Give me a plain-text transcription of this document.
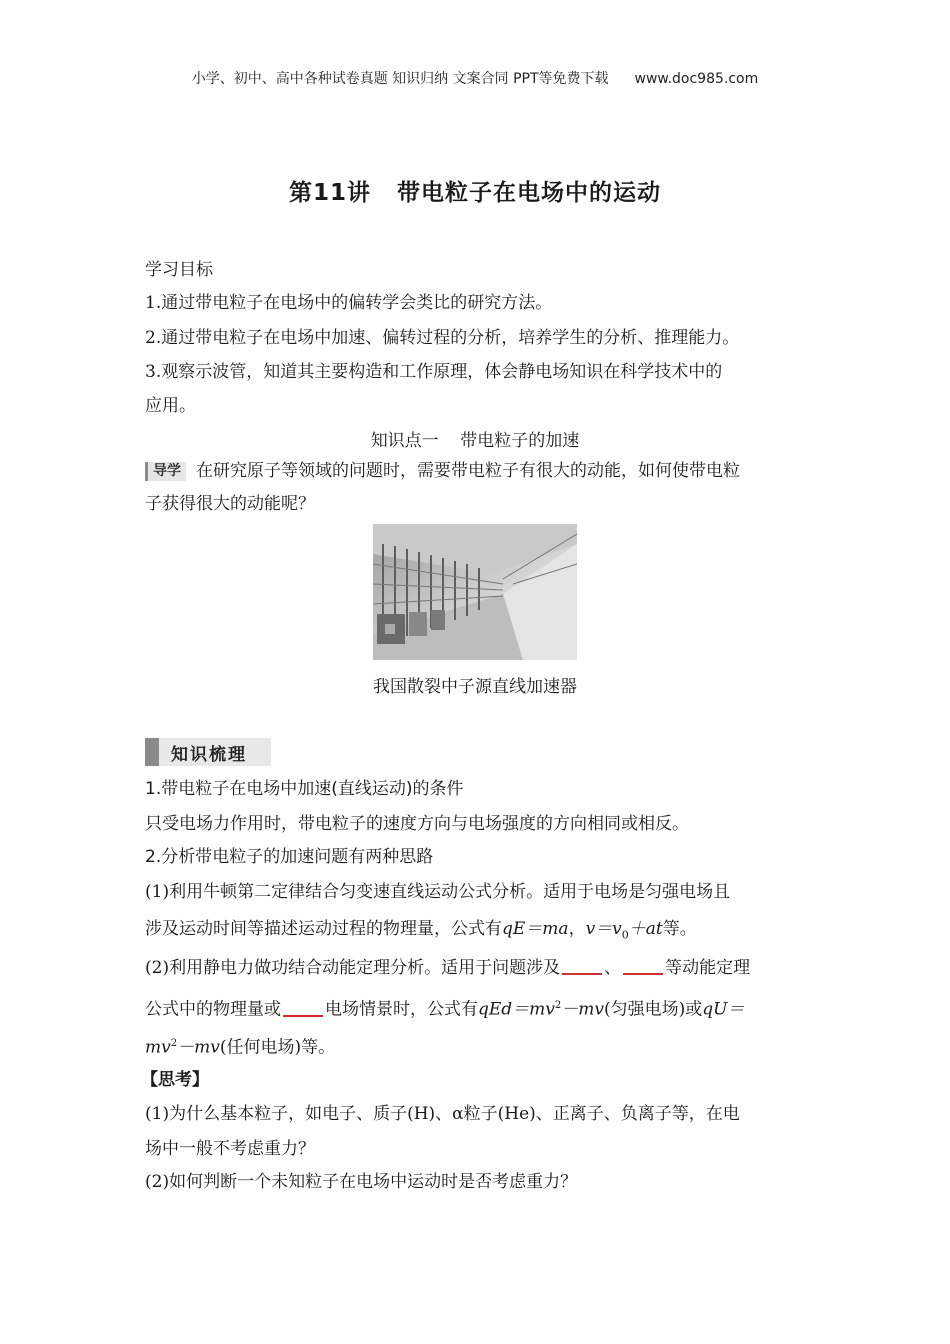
小学、初中、高中各种试卷真题 知识归纳 文案合同 PPT等免费下载 www.doc985.com
第11讲 带电粒子在电场中的运动
学习目标
1.通过带电粒子在电场中的偏转学会类比的研究方法。
2.通过带电粒子在电场中加速、偏转过程的分析，培养学生的分析、推理能力。
3.观察示波管，知道其主要构造和工作原理，体会静电场知识在科学技术中的
应用。
知识点一    带电粒子的加速
导学 在研究原子等领域的问题时，需要带电粒子有很大的动能，如何使带电粒
子获得很大的动能呢？
我国散裂中子源直线加速器
知识梳理
1.带电粒子在电场中加速(直线运动)的条件
只受电场力作用时，带电粒子的速度方向与电场强度的方向相同或相反。
2.分析带电粒子的加速问题有两种思路
(1)利用牛顿第二定律结合匀变速直线运动公式分析。适用于电场是匀强电场且
涉及运动时间等描述运动过程的物理量，公式有qE＝ma，$v=v_0+at$等。
(2)利用静电力做功结合动能定理分析。适用于问题涉及	、	等动能定理
公式中的物理量或	电场情景时，公式有$qEd=mv^2-mv$(匀强电场)或qU＝
$mv^2-mv$(任何电场)等。
【思考】
(1)为什么基本粒子，如电子、质子(H)、α粒子(He)、正离子、负离子等，在电
场中一般不考虑重力？
(2)如何判断一个未知粒子在电场中运动时是否考虑重力？
